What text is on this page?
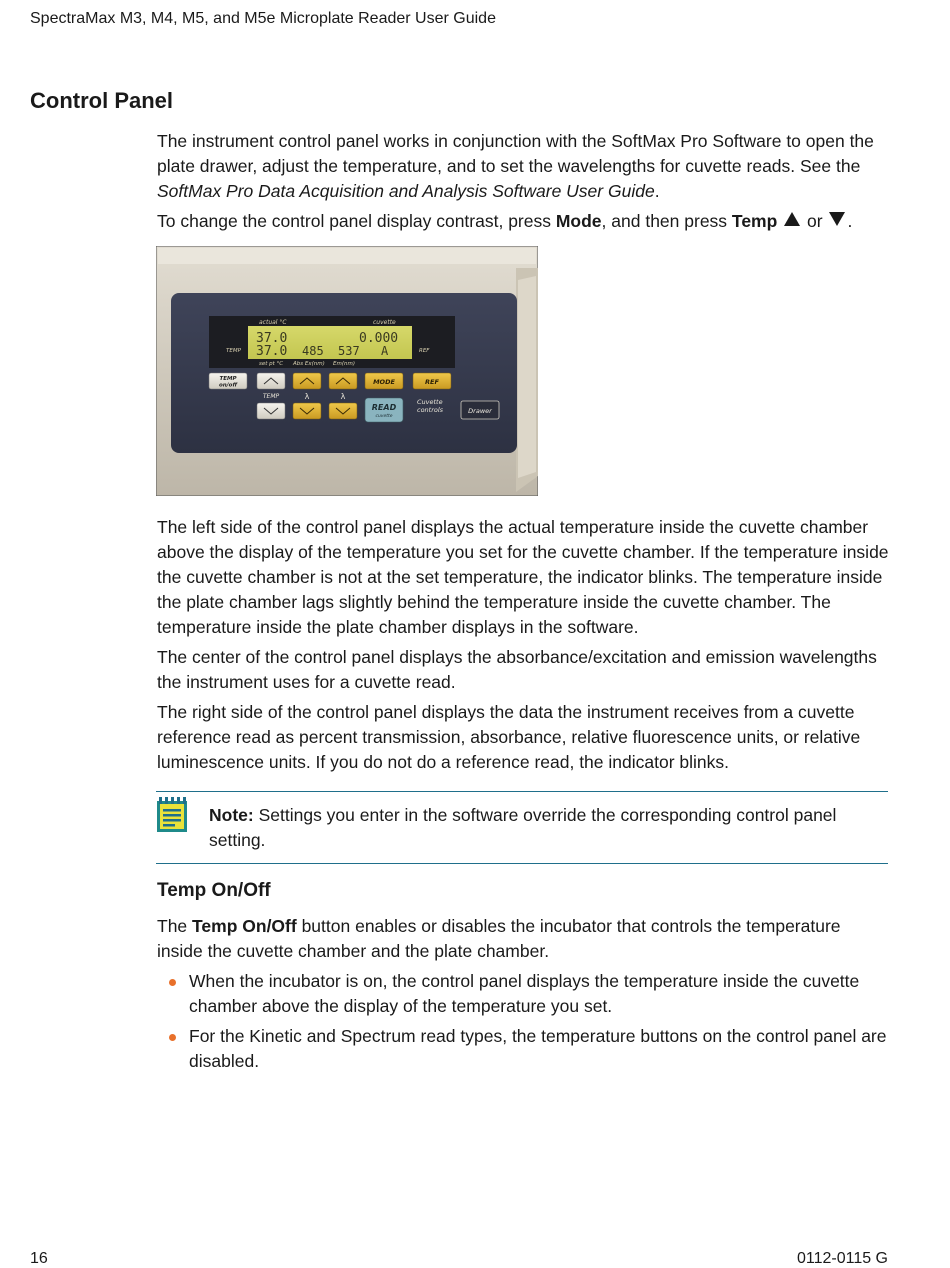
SpectraMax M3, M4, M5, and M5e Microplate Reader User Guide
Control Panel

The instrument control panel works in conjunction with the SoftMax Pro Software to open the plate drawer, adjust the temperature, and to set the wavelengths for cuvette reads. See the SoftMax Pro Data Acquisition and Analysis Software User Guide.

To change the control panel display contrast, press Mode, and then press Temp  or .

actual °C	cuvette
TEMP	REF
37.0	0.000
37.0 485 537 A
set pt °C Abs Ex(nm) Em(nm)
TEMP
on/off
TEMP	λ	λ
MODE	REF
READ
cuvette
Cuvette
controls	Drawer

The left side of the control panel displays the actual temperature inside the cuvette chamber above the display of the temperature you set for the cuvette chamber. If the temperature inside the cuvette chamber is not at the set temperature, the indicator blinks. The temperature inside the plate chamber lags slightly behind the temperature inside the cuvette chamber. The temperature inside the plate chamber displays in the software.

The center of the control panel displays the absorbance/excitation and emission wavelengths the instrument uses for a cuvette read.

The right side of the control panel displays the data the instrument receives from a cuvette reference read as percent transmission, absorbance, relative fluorescence units, or relative luminescence units. If you do not do a reference read, the indicator blinks.

Note: Settings you enter in the software override the corresponding control panel setting.
Temp On/Off

The Temp On/Off button enables or disables the incubator that controls the temperature inside the cuvette chamber and the plate chamber.

When the incubator is on, the control panel displays the temperature inside the cuvette chamber above the display of the temperature you set.
For the Kinetic and Spectrum read types, the temperature buttons on the control panel are disabled.
16	0112-0115 G
